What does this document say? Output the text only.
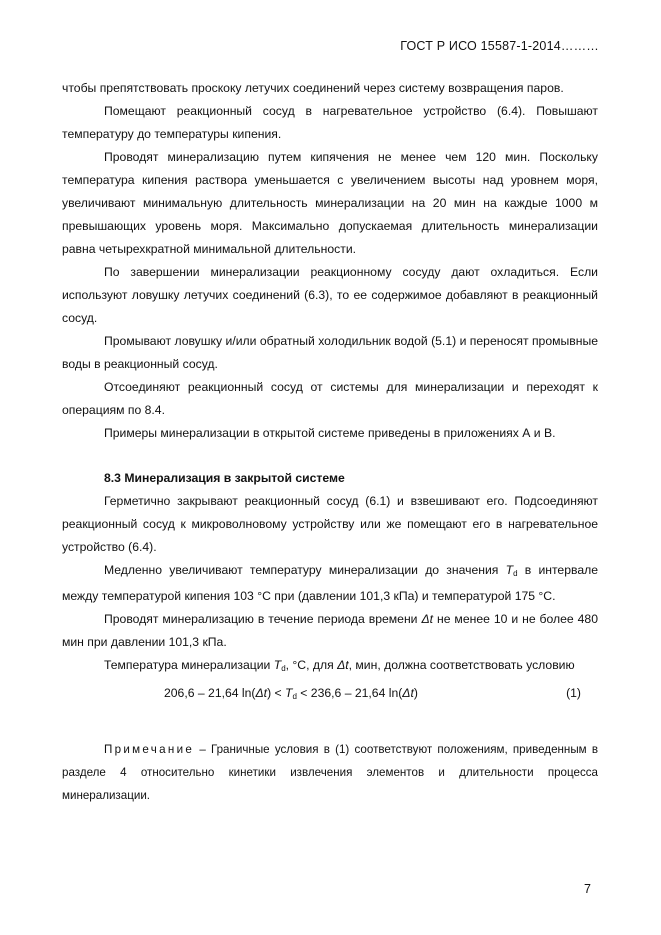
ГОСТ Р ИСО 15587-1-2014………

чтобы препятствовать проскоку летучих соединений через систему возвращения паров.

Помещают реакционный сосуд в нагревательное устройство (6.4). Повышают температуру до температуры кипения.

Проводят минерализацию путем кипячения не менее чем 120 мин. Поскольку температура кипения раствора уменьшается с увеличением высоты над уровнем моря, увеличивают минимальную длительность минерализации на 20 мин на каждые 1000 м превышающих уровень моря. Максимально допускаемая длительность минерализации равна четырехкратной минимальной длительности.

По завершении минерализации реакционному сосуду дают охладиться. Если используют ловушку летучих соединений (6.3), то ее содержимое добавляют в реакционный сосуд.

Промывают ловушку и/или обратный холодильник водой (5.1) и переносят промывные воды в реакционный сосуд.

Отсоединяют реакционный сосуд от системы для минерализации и переходят к операциям по 8.4.

Примеры минерализации в открытой системе приведены в приложениях А и В.

8.3 Минерализация в закрытой системе

Герметично закрывают реакционный сосуд (6.1) и взвешивают его. Подсоединяют реакционный сосуд к микроволновому устройству или же помещают его в нагревательное устройство (6.4).

Медленно увеличивают температуру минерализации до значения $T_d$ в интервале между температурой кипения 103 °C при (давлении 101,3 кПа) и температурой 175 °C.

Проводят минерализацию в течение периода времени Δt не менее 10 и не более 480 мин при давлении 101,3 кПа.

Температура минерализации $T_d$, °C, для Δt, мин, должна соответствовать условию

206,6 – 21,64 $\ln(\Delta t) < T_d < 236,6 - 21,64$ ln(Δt)	(1)

Примечание – Граничные условия в (1) соответствуют положениям, приведенным в разделе 4 относительно кинетики извлечения элементов и длительности процесса минерализации.

7
